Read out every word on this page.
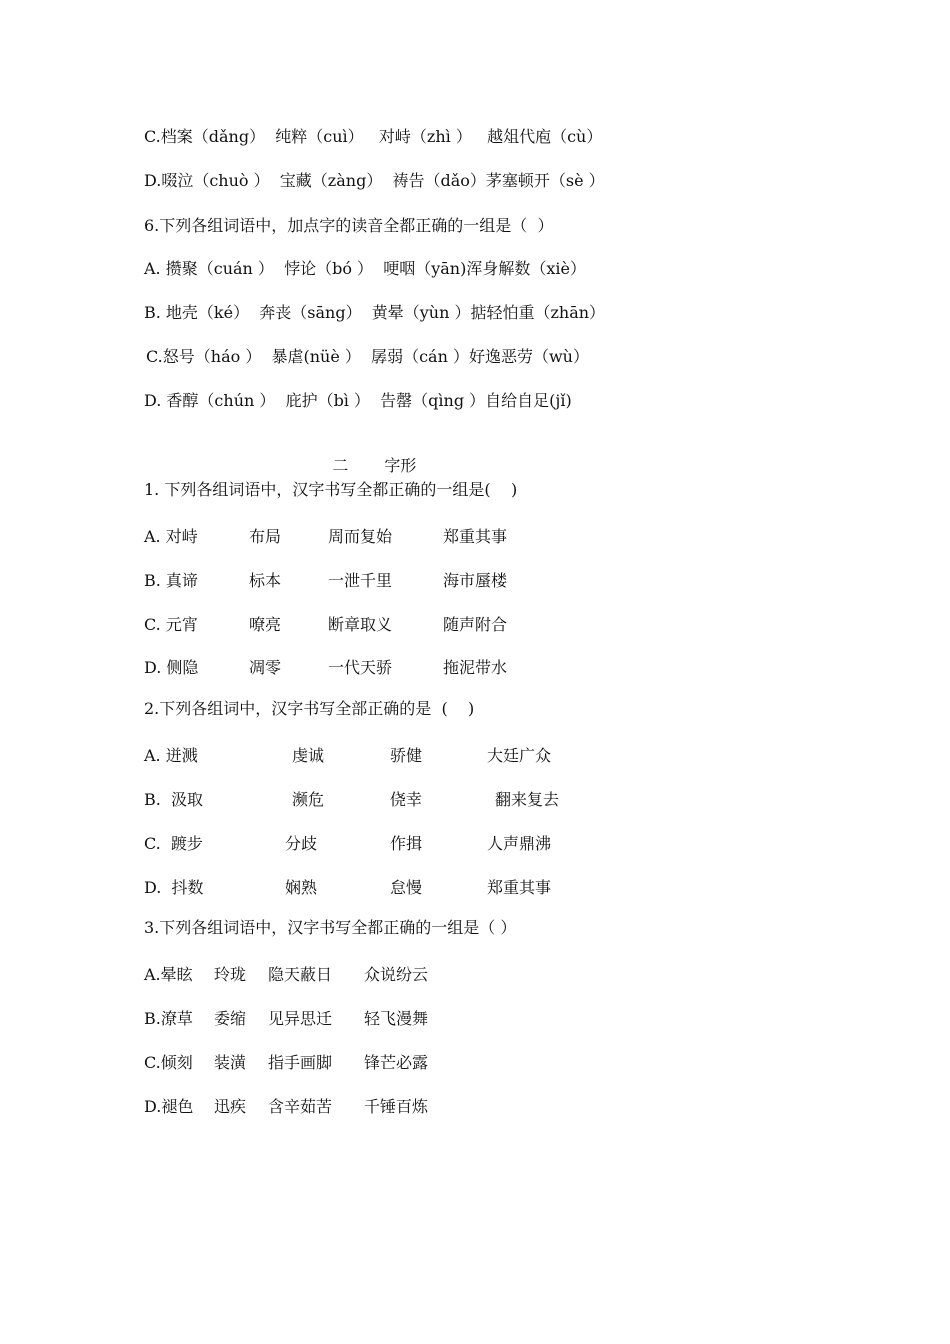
C.档案（dǎng）  纯粹（cuì）   对峙（zhì ）   越俎代庖（cù）
D.啜泣（chuò ）  宝藏（zàng）  祷告（dǎo）茅塞顿开（sè ）
6.下列各组词语中，加点字的读音全都正确的一组是（  ）
A. 攒聚（cuán ）  悖论（bó ）  哽咽（yān)浑身解数（xiè）
B. 地壳（ké）  奔丧（sāng）  黄晕（yùn ）掂轻怕重（zhān）
C.怒号（háo ）  暴虐(nüè ）  孱弱（cán ）好逸恶劳（wù）
D. 香醇（chún ）  庇护（bì ）  告罄（qìng ）自给自足(jǐ)

二 字形

1. 下列各组词语中，汉字书写全都正确的一组是(    )
A. 对峙	布局	周而复始	郑重其事
B. 真谛	标本	一泄千里	海市蜃楼
C. 元宵	嘹亮	断章取义	随声附合
D. 侧隐	凋零	一代天骄	拖泥带水
2.下列各组词中，汉字书写全部正确的是  (    )
A. 迸溅	虔诚	骄健	大廷广众
B.  汲取	濒危	侥幸	翻来复去
C.  踱步	分歧	作揖	人声鼎沸
D.  抖数	娴熟	怠慢	郑重其事
3.下列各组词语中，汉字书写全都正确的一组是（ ）
A.晕眩 玲珑 隐天蔽日 众说纷云
B.潦草 委缩 见异思迁 轻飞漫舞
C.倾刻 装潢 指手画脚 锋芒必露
D.褪色 迅疾 含辛茹苦 千锤百炼
